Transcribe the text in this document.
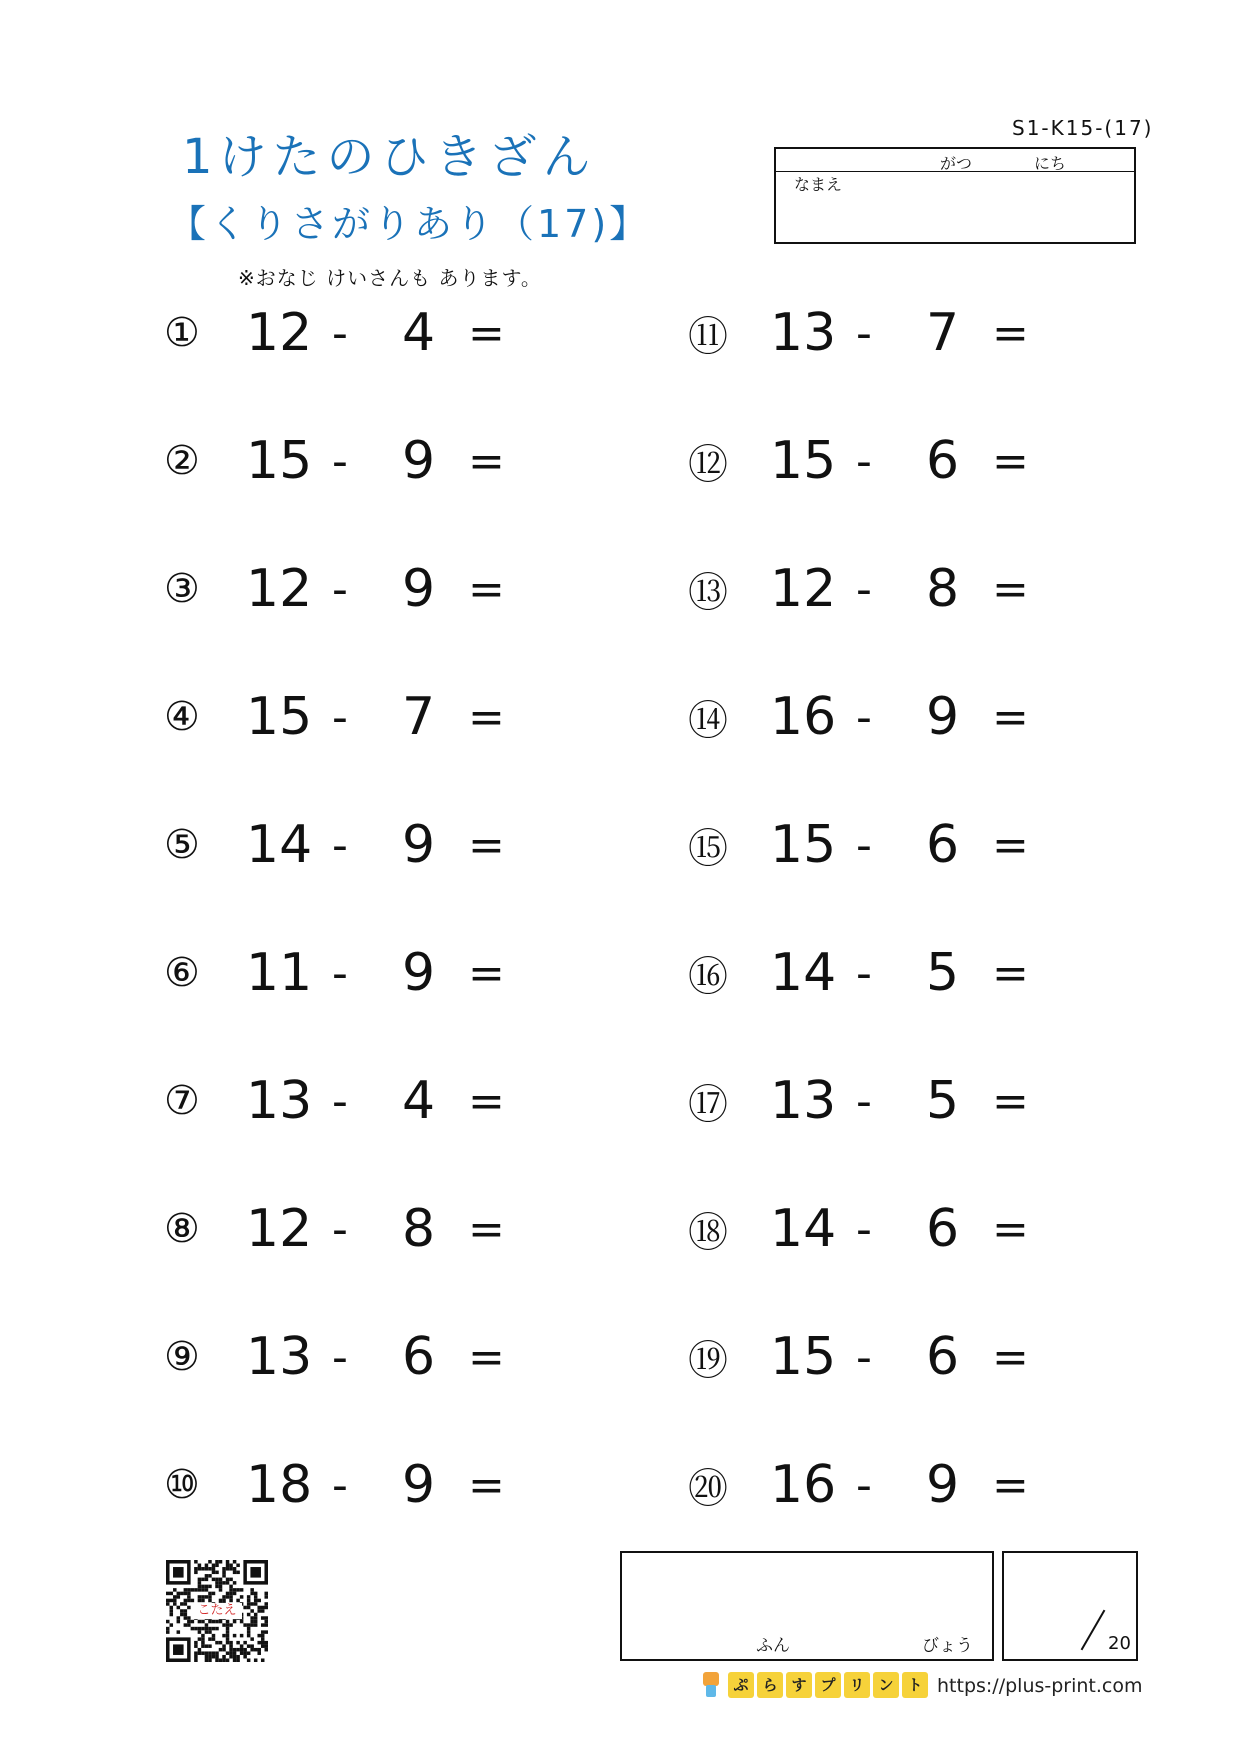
1けたのひきざん
【くりさがりあり（17)】
※おなじ けいさんも あります。
S1-K15-(17)
がつ	にち
なまえ
① 12 -	4 =
② 15 -	9 =
③ 12 -	9 =
④ 15 -	7 =
⑤ 14 -	9 =
⑥ 11 -	9 =
⑦ 13 -	4 =
⑧ 12 -	8 =
⑨ 13 -	6 =
⑩ 18 -	9 =
⑪ 13 -	7 =
⑫ 15 -	6 =
⑬ 12 -	8 =
⑭ 16 -	9 =
⑮ 15 -	6 =
⑯ 14 -	5 =
⑰ 13 -	5 =
⑱ 14 -	6 =
⑲ 15 -	6 =
⑳ 16 -	9 =
こたえ
ふん	びょう	20
ぷ ら す プ リ ン ト https://plus-print.com
